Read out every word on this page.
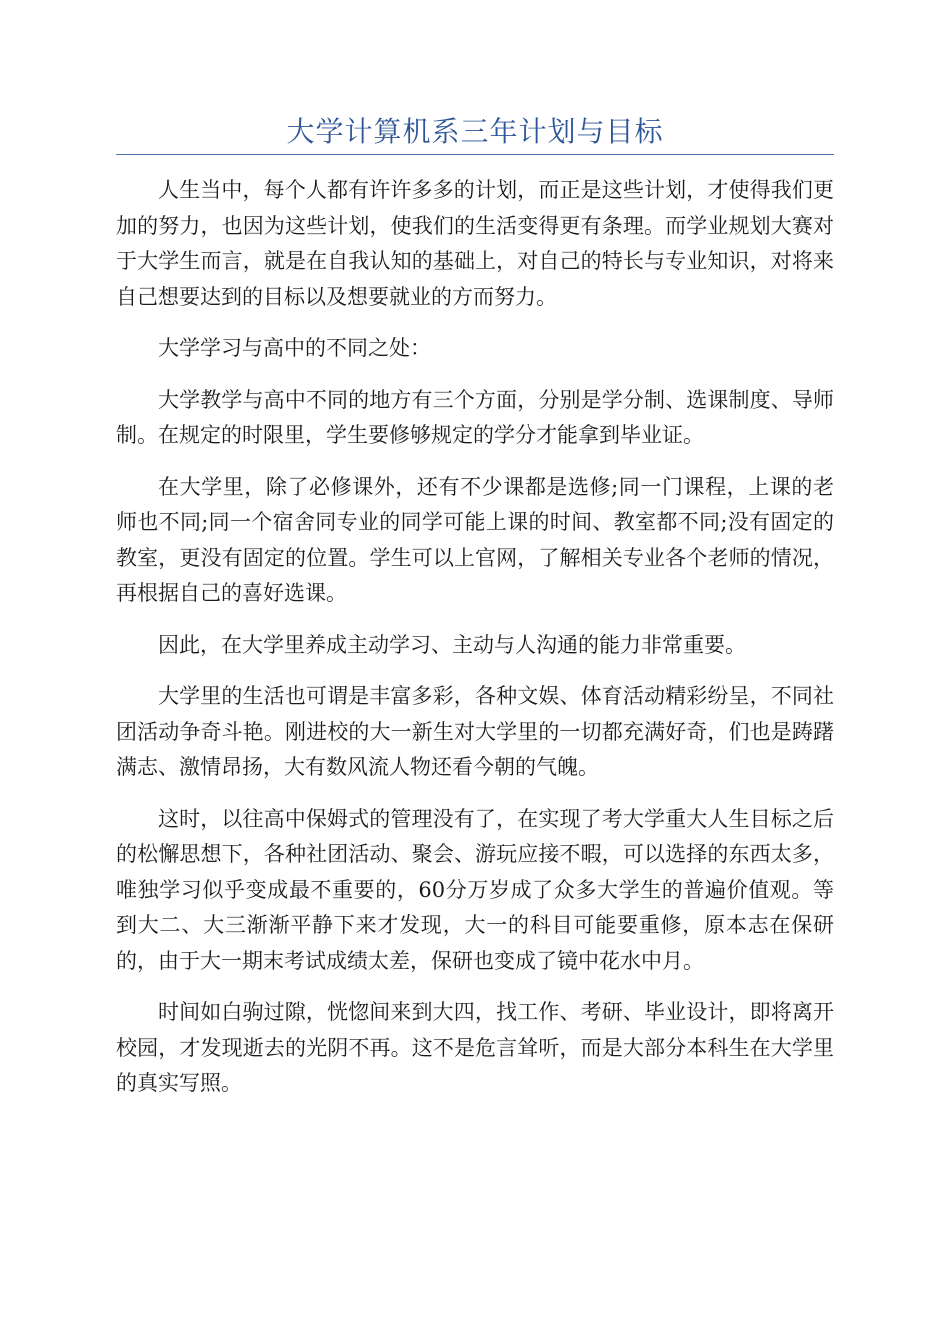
大学计算机系三年计划与目标

人生当中，每个人都有许许多多的计划，而正是这些计划，才使得我们更加的努力，也因为这些计划，使我们的生活变得更有条理。而学业规划大赛对于大学生而言，就是在自我认知的基础上，对自己的特长与专业知识，对将来自己想要达到的目标以及想要就业的方而努力。

大学学习与高中的不同之处：

大学教学与高中不同的地方有三个方面，分别是学分制、选课制度、导师制。在规定的时限里，学生要修够规定的学分才能拿到毕业证。

在大学里，除了必修课外，还有不少课都是选修;同一门课程，上课的老师也不同;同一个宿舍同专业的同学可能上课的时间、教室都不同;没有固定的教室，更没有固定的位置。学生可以上官网，了解相关专业各个老师的情况，再根据自己的喜好选课。

因此，在大学里养成主动学习、主动与人沟通的能力非常重要。

大学里的生活也可谓是丰富多彩，各种文娱、体育活动精彩纷呈，不同社团活动争奇斗艳。刚进校的大一新生对大学里的一切都充满好奇，们也是踌躇满志、激情昂扬，大有数风流人物还看今朝的气魄。

这时，以往高中保姆式的管理没有了，在实现了考大学重大人生目标之后的松懈思想下，各种社团活动、聚会、游玩应接不暇，可以选择的东西太多，唯独学习似乎变成最不重要的，60分万岁成了众多大学生的普遍价值观。等到大二、大三渐渐平静下来才发现，大一的科目可能要重修，原本志在保研的，由于大一期末考试成绩太差，保研也变成了镜中花水中月。

时间如白驹过隙，恍惚间来到大四，找工作、考研、毕业设计，即将离开校园，才发现逝去的光阴不再。这不是危言耸听，而是大部分本科生在大学里的真实写照。
